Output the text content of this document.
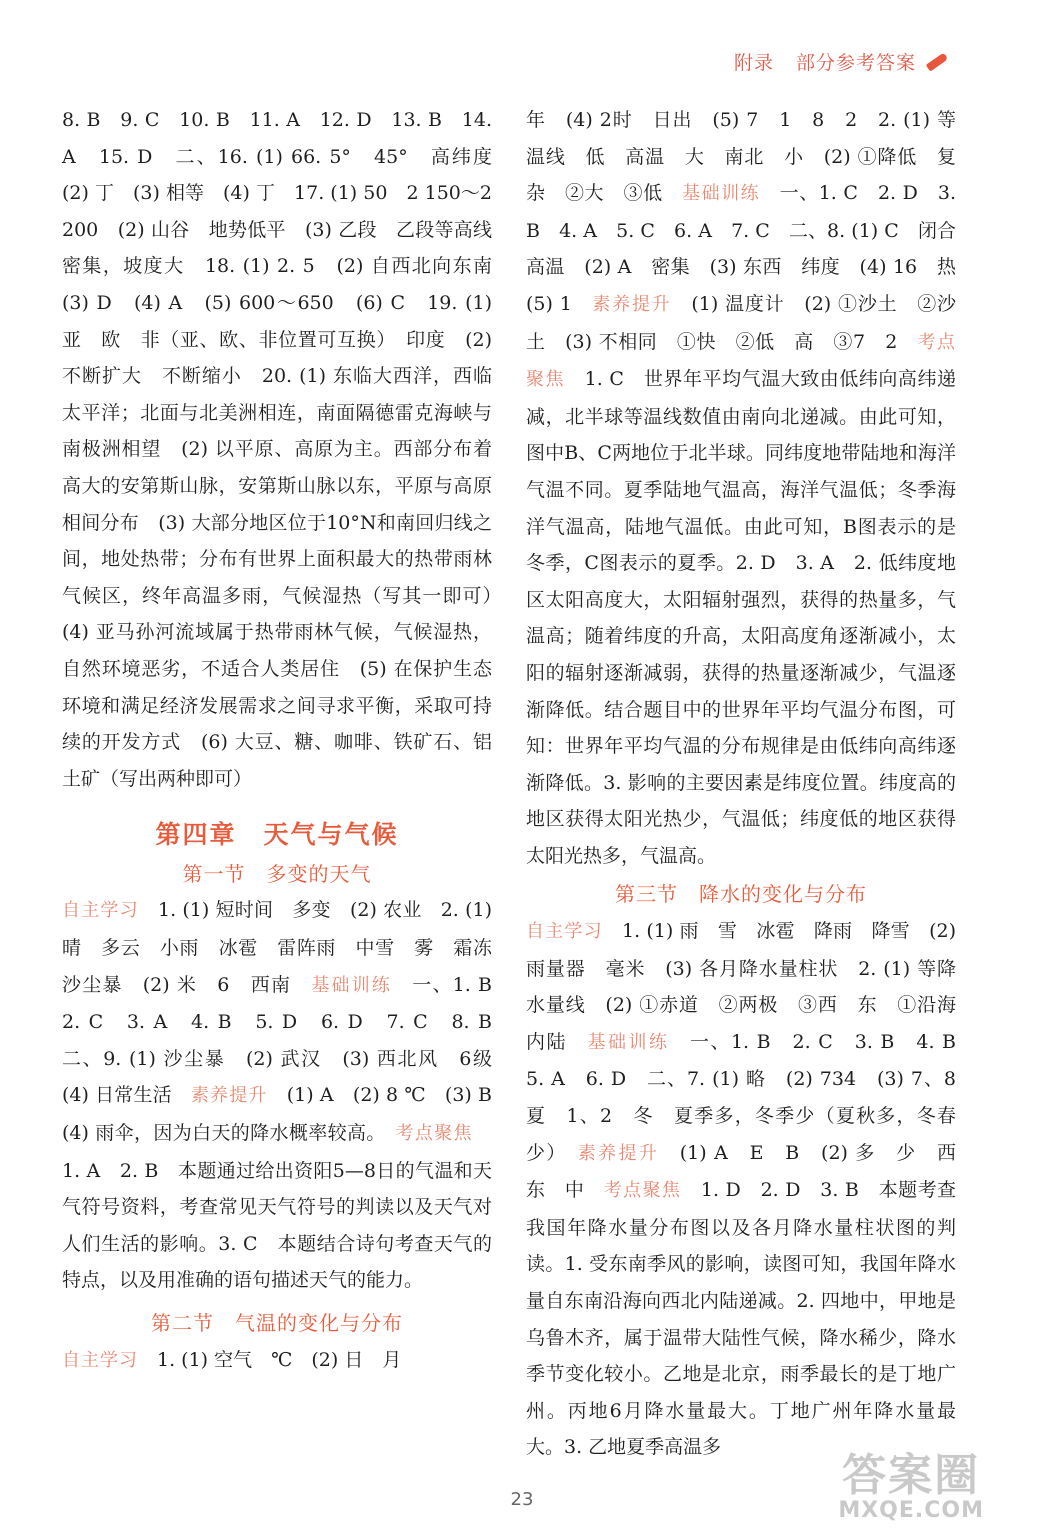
附录 部分参考答案

8. B　9. C　10. B　11. A　12. D　13. B　14. A　15. D　二、16. (1) 66. 5°　45°　高纬度　(2) 丁　(3) 相等　(4) 丁　17. (1) 50　2 150～2 200　(2) 山谷　地势低平　(3) 乙段　乙段等高线密集，坡度大　18. (1) 2. 5　(2) 自西北向东南　(3) D　(4) A　(5) 600～650　(6) C　19. (1) 亚　欧　非（亚、欧、非位置可互换）　印度　(2) 不断扩大　不断缩小　20. (1) 东临大西洋，西临太平洋；北面与北美洲相连，南面隔德雷克海峡与南极洲相望　(2) 以平原、高原为主。西部分布着高大的安第斯山脉，安第斯山脉以东，平原与高原相间分布　(3) 大部分地区位于10°N和南回归线之间，地处热带；分布有世界上面积最大的热带雨林气候区，终年高温多雨，气候湿热（写其一即可）　(4) 亚马孙河流域属于热带雨林气候，气候湿热，自然环境恶劣，不适合人类居住　(5) 在保护生态环境和满足经济发展需求之间寻求平衡，采取可持续的开发方式　(6) 大豆、糖、咖啡、铁矿石、铝土矿（写出两种即可）

第四章　天气与气候
第一节　多变的天气

自主学习　1. (1) 短时间　多变　(2) 农业　2. (1) 晴　多云　小雨　冰雹　雷阵雨　中雪　雾　霜冻　沙尘暴　(2) 米　6　西南　基础训练　一、1. B　2. C　3. A　4. B　5. D　6. D　7. C　8. B　二、9. (1) 沙尘暴　(2) 武汉　(3) 西北风　6级　(4) 日常生活　素养提升　(1) A　(2) 8 ℃　(3) B　(4) 雨伞，因为白天的降水概率较高。　 考点聚焦　1. A　2. B　本题通过给出资阳5—8日的气温和天气符号资料，考查常见天气符号的判读以及天气对人们生活的影响。3. C　本题结合诗句考查天气的特点，以及用准确的语句描述天气的能力。

第二节　气温的变化与分布

自主学习　1. (1) 空气　℃　(2) 日　月

年　(4) 2时　日出　(5) 7　1　8　2　2. (1) 等温线　低　高温　大　南北　小　(2) ①降低　复杂　②大　③低　基础训练　一、1. C　2. D　3. B　4. A　5. C　6. A　7. C　二、8. (1) C　闭合　高温　(2) A　密集　(3) 东西　纬度　(4) 16　热　(5) 1　素养提升　(1) 温度计　(2) ①沙土　②沙土　(3) 不相同　①快　②低　高　③7　2　考点聚焦　1. C　世界年平均气温大致由低纬向高纬递减，北半球等温线数值由南向北递减。由此可知，图中B、C两地位于北半球。同纬度地带陆地和海洋气温不同。夏季陆地气温高，海洋气温低；冬季海洋气温高，陆地气温低。由此可知，B图表示的是冬季，C图表示的夏季。2. D　3. A　2. 低纬度地区太阳高度大，太阳辐射强烈，获得的热量多，气温高；随着纬度的升高，太阳高度角逐渐减小，太阳的辐射逐渐减弱，获得的热量逐渐减少，气温逐渐降低。结合题目中的世界年平均气温分布图，可知：世界年平均气温的分布规律是由低纬向高纬逐渐降低。3. 影响的主要因素是纬度位置。纬度高的地区获得太阳光热少，气温低；纬度低的地区获得太阳光热多，气温高。

第三节　降水的变化与分布

自主学习　1. (1) 雨　雪　冰雹　降雨　降雪　(2) 雨量器　毫米　(3) 各月降水量柱状　2. (1) 等降水量线　(2) ①赤道　②两极　③西　东　①沿海　内陆　基础训练　一、1. B　2. C　3. B　4. B　5. A　6. D　二、7. (1) 略　(2) 734　(3) 7、8　夏　1、2　冬　夏季多，冬季少（夏秋多，冬春少）　素养提升　(1) A　E　B　(2) 多　少　西　东　中　考点聚焦　1. D　2. D　3. B　本题考查我国年降水量分布图以及各月降水量柱状图的判读。1. 受东南季风的影响，读图可知，我国年降水量自东南沿海向西北内陆递减。2. 四地中，甲地是乌鲁木齐，属于温带大陆性气候，降水稀少，降水季节变化较小。乙地是北京，雨季最长的是丁地广州。丙地6月降水量最大。丁地广州年降水量最大。3. 乙地夏季高温多

23	答案圈
MXQE.COM
